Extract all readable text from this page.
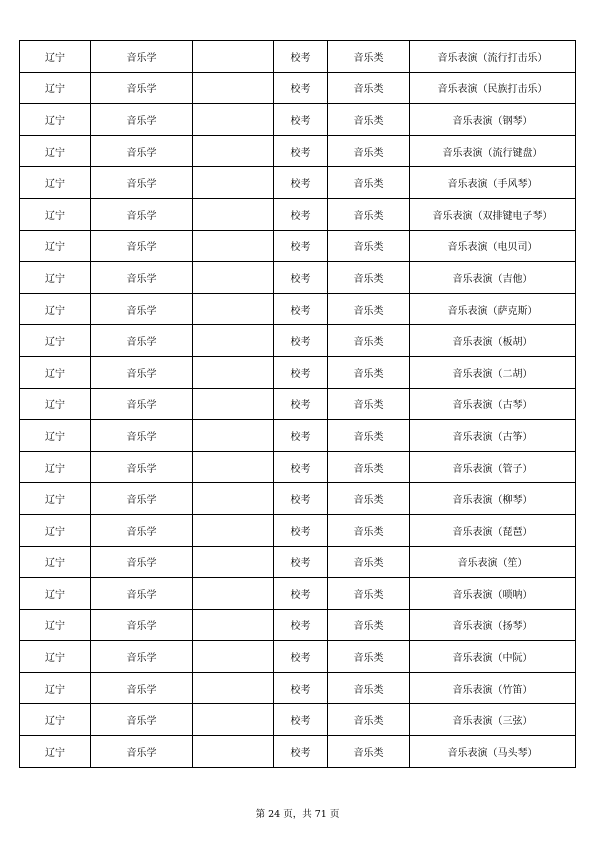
辽宁	音乐学		校考	音乐类	音乐表演（流行打击乐）
辽宁	音乐学		校考	音乐类	音乐表演（民族打击乐）
辽宁	音乐学		校考	音乐类	音乐表演（钢琴）
辽宁	音乐学		校考	音乐类	音乐表演（流行键盘）
辽宁	音乐学		校考	音乐类	音乐表演（手风琴）
辽宁	音乐学		校考	音乐类	音乐表演（双排键电子琴）
辽宁	音乐学		校考	音乐类	音乐表演（电贝司）
辽宁	音乐学		校考	音乐类	音乐表演（吉他）
辽宁	音乐学		校考	音乐类	音乐表演（萨克斯）
辽宁	音乐学		校考	音乐类	音乐表演（板胡）
辽宁	音乐学		校考	音乐类	音乐表演（二胡）
辽宁	音乐学		校考	音乐类	音乐表演（古琴）
辽宁	音乐学		校考	音乐类	音乐表演（古筝）
辽宁	音乐学		校考	音乐类	音乐表演（管子）
辽宁	音乐学		校考	音乐类	音乐表演（柳琴）
辽宁	音乐学		校考	音乐类	音乐表演（琵琶）
辽宁	音乐学		校考	音乐类	音乐表演（笙）
辽宁	音乐学		校考	音乐类	音乐表演（唢呐）
辽宁	音乐学		校考	音乐类	音乐表演（扬琴）
辽宁	音乐学		校考	音乐类	音乐表演（中阮）
辽宁	音乐学		校考	音乐类	音乐表演（竹笛）
辽宁	音乐学		校考	音乐类	音乐表演（三弦）
辽宁	音乐学		校考	音乐类	音乐表演（马头琴）
第 24 页，共 71 页
